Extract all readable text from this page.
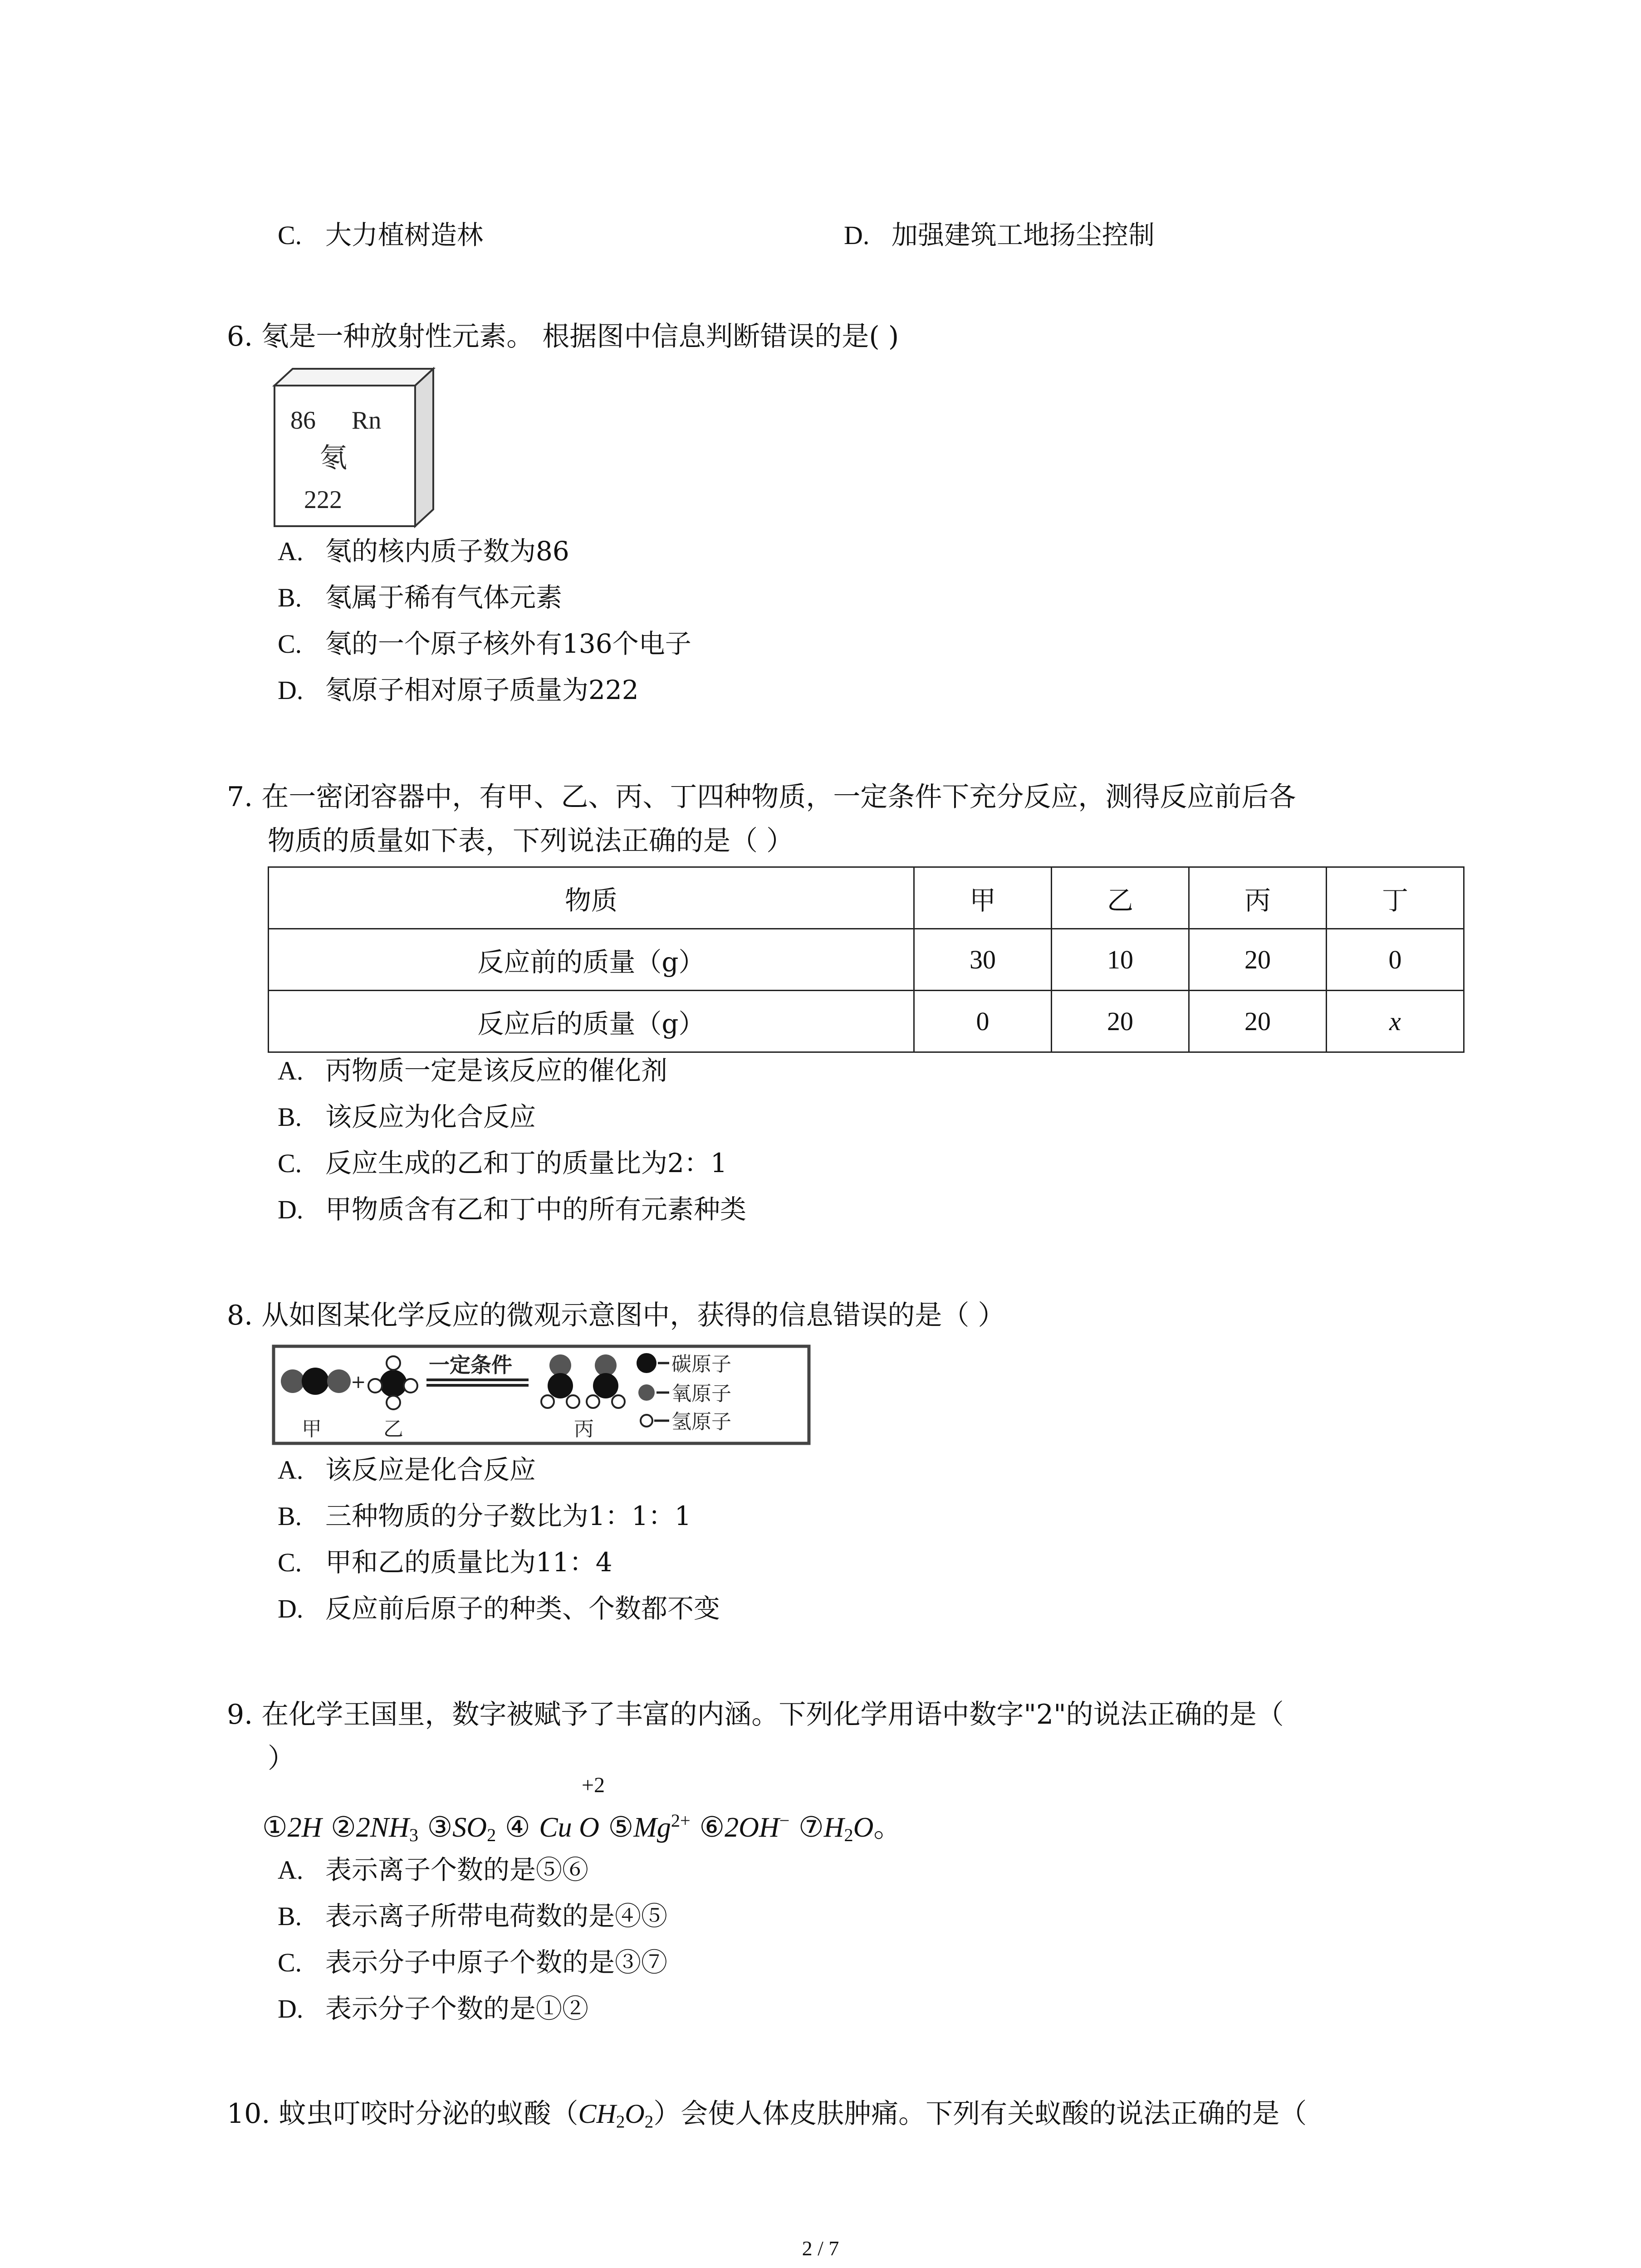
C. 大力植树造林	D. 加强建筑工地扬尘控制
6. 氡是一种放射性元素。 根据图中信息判断错误的是( )
86 Rn
氡
222
A. 氡的核内质子数为86
B. 氡属于稀有气体元素
C. 氡的一个原子核外有136个电子
D. 氡原子相对原子质量为222
7. 在一密闭容器中，有甲、乙、丙、丁四种物质，一定条件下充分反应，测得反应前后各
物质的质量如下表，下列说法正确的是（ ）
物质	甲	乙	丙	丁
反应前的质量（g）	30	10	20	0
反应后的质量（g）	0	20	20	x
A. 丙物质一定是该反应的催化剂
B. 该反应为化合反应
C. 反应生成的乙和丁的质量比为2：1
D. 甲物质含有乙和丁中的所有元素种类
8. 从如图某化学反应的微观示意图中，获得的信息错误的是（ ）
+
一定条件
甲	乙	丙
碳原子
氧原子
氢原子
A. 该反应是化合反应
B. 三种物质的分子数比为1：1：1
C. 甲和乙的质量比为11：4
D. 反应前后原子的种类、个数都不变
9. 在化学王国里，数字被赋予了丰富的内涵。下列化学用语中数字"2"的说法正确的是（
）
+2
①2H $②2NH_3$ $③SO_2$ ④ Cu O $⑤Mg^{2+}$ ⑥2OH− $⑦H_2O$。
A. 表示离子个数的是⑤⑥
B. 表示离子所带电荷数的是④⑤
C. 表示分子中原子个数的是③⑦
D. 表示分子个数的是①②
10. 蚊虫叮咬时分泌的蚁酸$(CH_2O_2)$会使人体皮肤肿痛。下列有关蚁酸的说法正确的是（
2 / 7
